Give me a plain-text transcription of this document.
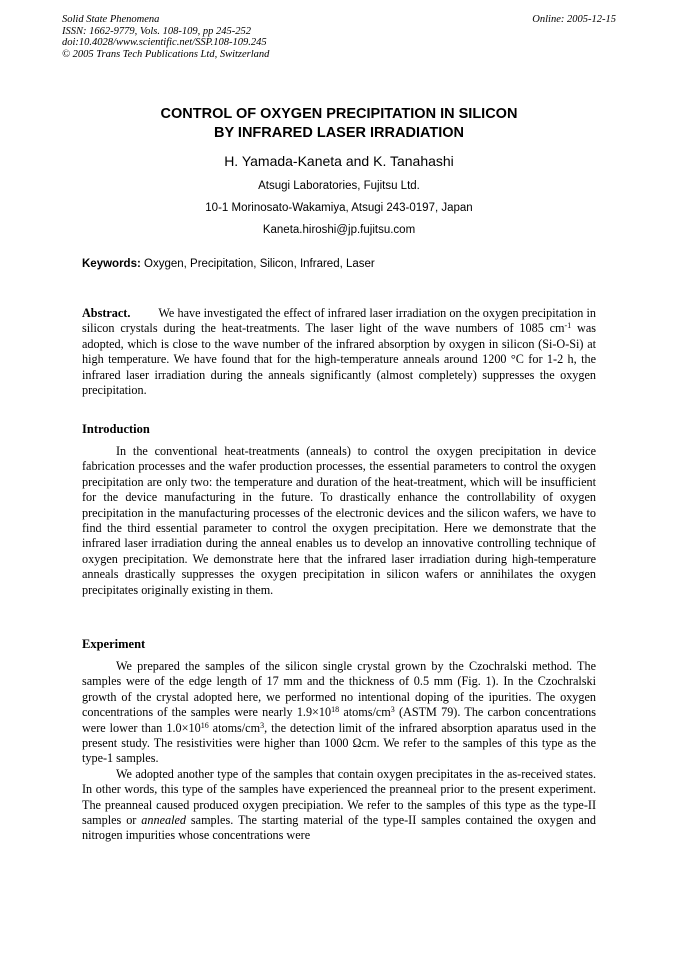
Solid State Phenomena
ISSN: 1662-9779, Vols. 108-109, pp 245-252
doi:10.4028/www.scientific.net/SSP.108-109.245
© 2005 Trans Tech Publications Ltd, Switzerland
Online: 2005-12-15
CONTROL OF OXYGEN PRECIPITATION IN SILICON
BY INFRARED LASER IRRADIATION
H. Yamada-Kaneta and K. Tanahashi
Atsugi Laboratories, Fujitsu Ltd.
10-1 Morinosato-Wakamiya, Atsugi 243-0197, Japan
Kaneta.hiroshi@jp.fujitsu.com
Keywords: Oxygen, Precipitation, Silicon, Infrared, Laser

Abstract. We have investigated the effect of infrared laser irradiation on the oxygen precipitation in silicon crystals during the heat-treatments. The laser light of the wave numbers of 1085 $cm^{-1}$ was adopted, which is close to the wave number of the infrared absorption by oxygen in silicon (Si-O-Si) at high temperature. We have found that for the high-temperature anneals around 1200 °C for 1-2 h, the infrared laser irradiation during the anneals significantly (almost completely) suppresses the oxygen precipitation.

Introduction

In the conventional heat-treatments (anneals) to control the oxygen precipitation in device fabrication processes and the wafer production processes, the essential parameters to control the oxygen precipitation are only two: the temperature and duration of the heat-treatment, which will be insufficient for the device manufacturing in the future. To drastically enhance the controllability of oxygen precipitation in the manufacturing processes of the electronic devices and the silicon wafers, we have to find the third essential parameter to control the oxygen precipitation. Here we demonstrate that the infrared laser irradiation during the anneal enables us to develop an innovative controlling technique of oxygen precipitation. We demonstrate here that the infrared laser irradiation during high-temperature anneals drastically suppresses the oxygen precipitation in silicon wafers or annihilates the oxygen precipitates originally existing in them.

Experiment

We prepared the samples of the silicon single crystal grown by the Czochralski method. The samples were of the edge length of 17 mm and the thickness of 0.5 mm (Fig. 1). In the Czochralski growth of the crystal adopted here, we performed no intentional doping of the ipurities. The oxygen concentrations of the samples were nearly $1.9\times 10^{18}$ atoms/$cm^3$ (ASTM 79). The carbon concentrations were lower than $1.0\times 10^{16}$ atoms/$cm^3$, the detection limit of the infrared absorption aparatus used in the present study. The resistivities were higher than 1000 Ωcm. We refer to the samples of this type as the type-1 samples.

We adopted another type of the samples that contain oxygen precipitates in the as-received states. In other words, this type of the samples have experienced the preanneal prior to the present experiment. The preanneal caused produced oxygen precipiation. We refer to the samples of this type as the type-II samples or annealed samples. The starting material of the type-II samples contained the oxygen and nitrogen impurities whose concentrations were
